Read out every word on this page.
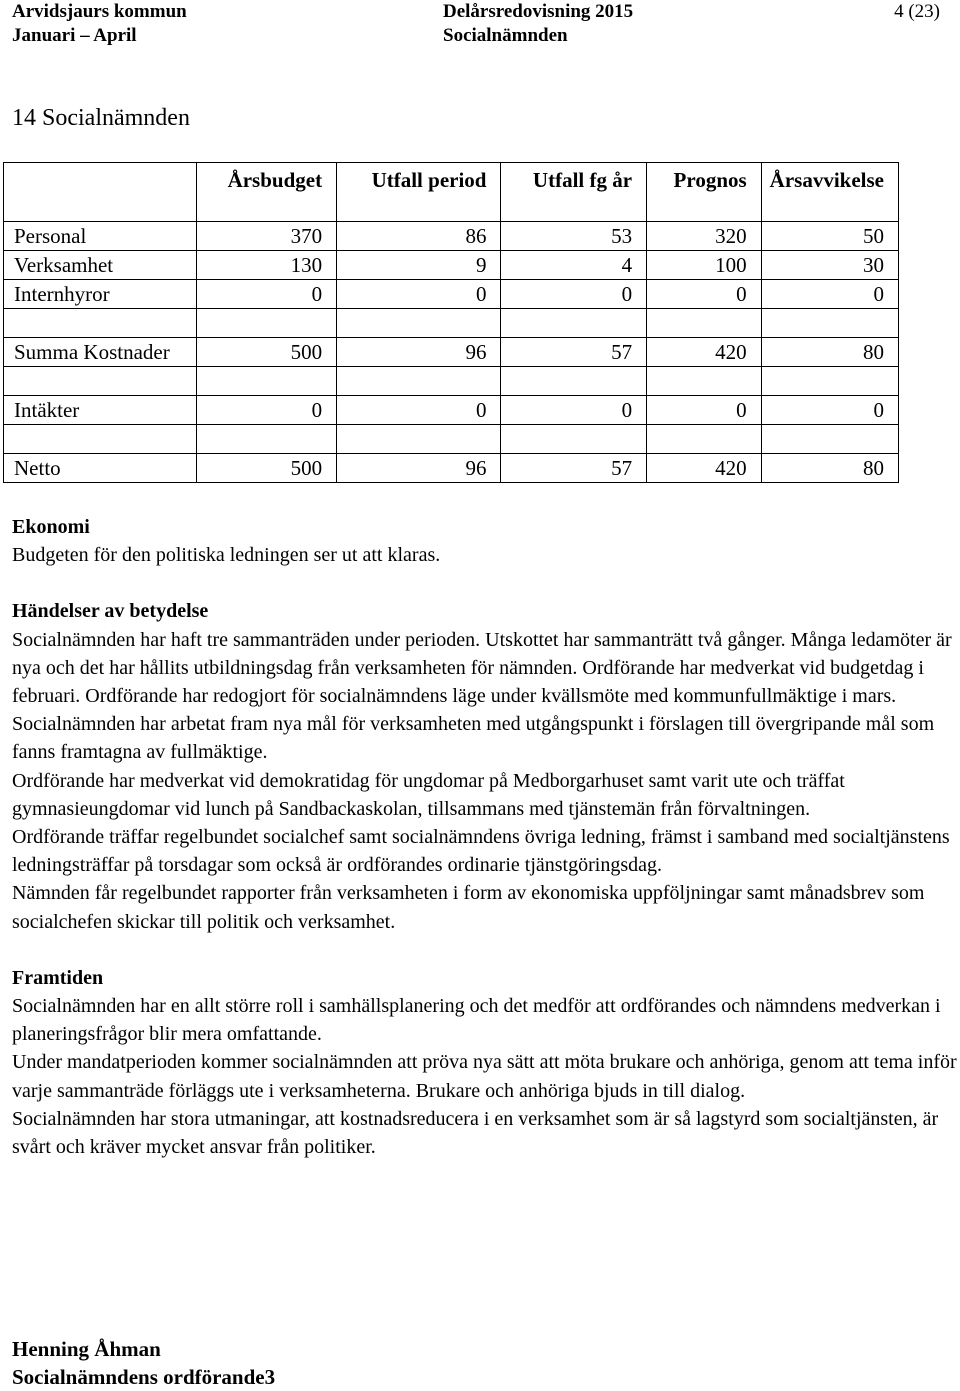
Arvidsjaurs kommun
Januari – April
Delårsredovisning 2015
Socialnämnden
4 (23)
14 Socialnämnden
	Årsbudget	Utfall period	Utfall fg år	Prognos	Årsavvikelse
Personal	370	86	53	320	50
Verksamhet	130	9	4	100	30
Internhyror	0	0	0	0	0

Summa Kostnader	500	96	57	420	80

Intäkter	0	0	0	0	0

Netto	500	96	57	420	80
Ekonomi

Budgeten för den politiska ledningen ser ut att klaras.

Händelser av betydelse

Socialnämnden har haft tre sammanträden under perioden. Utskottet har sammanträtt två gånger. Många ledamöter är nya och det har hållits utbildningsdag från verksamheten för nämnden. Ordförande har medverkat vid budgetdag i februari. Ordförande har redogjort för socialnämndens läge under kvällsmöte med kommunfullmäktige i mars. Socialnämnden har arbetat fram nya mål för verksamheten med utgångspunkt i förslagen till övergripande mål som fanns framtagna av fullmäktige.

Ordförande har medverkat vid demokratidag för ungdomar på Medborgarhuset samt varit ute och träffat gymnasieungdomar vid lunch på Sandbackaskolan, tillsammans med tjänstemän från förvaltningen.

Ordförande träffar regelbundet socialchef samt socialnämndens övriga ledning, främst i samband med socialtjänstens ledningsträffar på torsdagar som också är ordförandes ordinarie tjänstgöringsdag.

Nämnden får regelbundet rapporter från verksamheten i form av ekonomiska uppföljningar samt månadsbrev som socialchefen skickar till politik och verksamhet.

Framtiden

Socialnämnden har en allt större roll i samhällsplanering och det medför att ordförandes och nämndens medverkan i planeringsfrågor blir mera omfattande.

Under mandatperioden kommer socialnämnden att pröva nya sätt att möta brukare och anhöriga, genom att tema inför varje sammanträde förläggs ute i verksamheterna. Brukare och anhöriga bjuds in till dialog.

Socialnämnden har stora utmaningar, att kostnadsreducera i en verksamhet som är så lagstyrd som socialtjänsten, är svårt och kräver mycket ansvar från politiker.

Henning Åhman
Socialnämndens ordförande3
